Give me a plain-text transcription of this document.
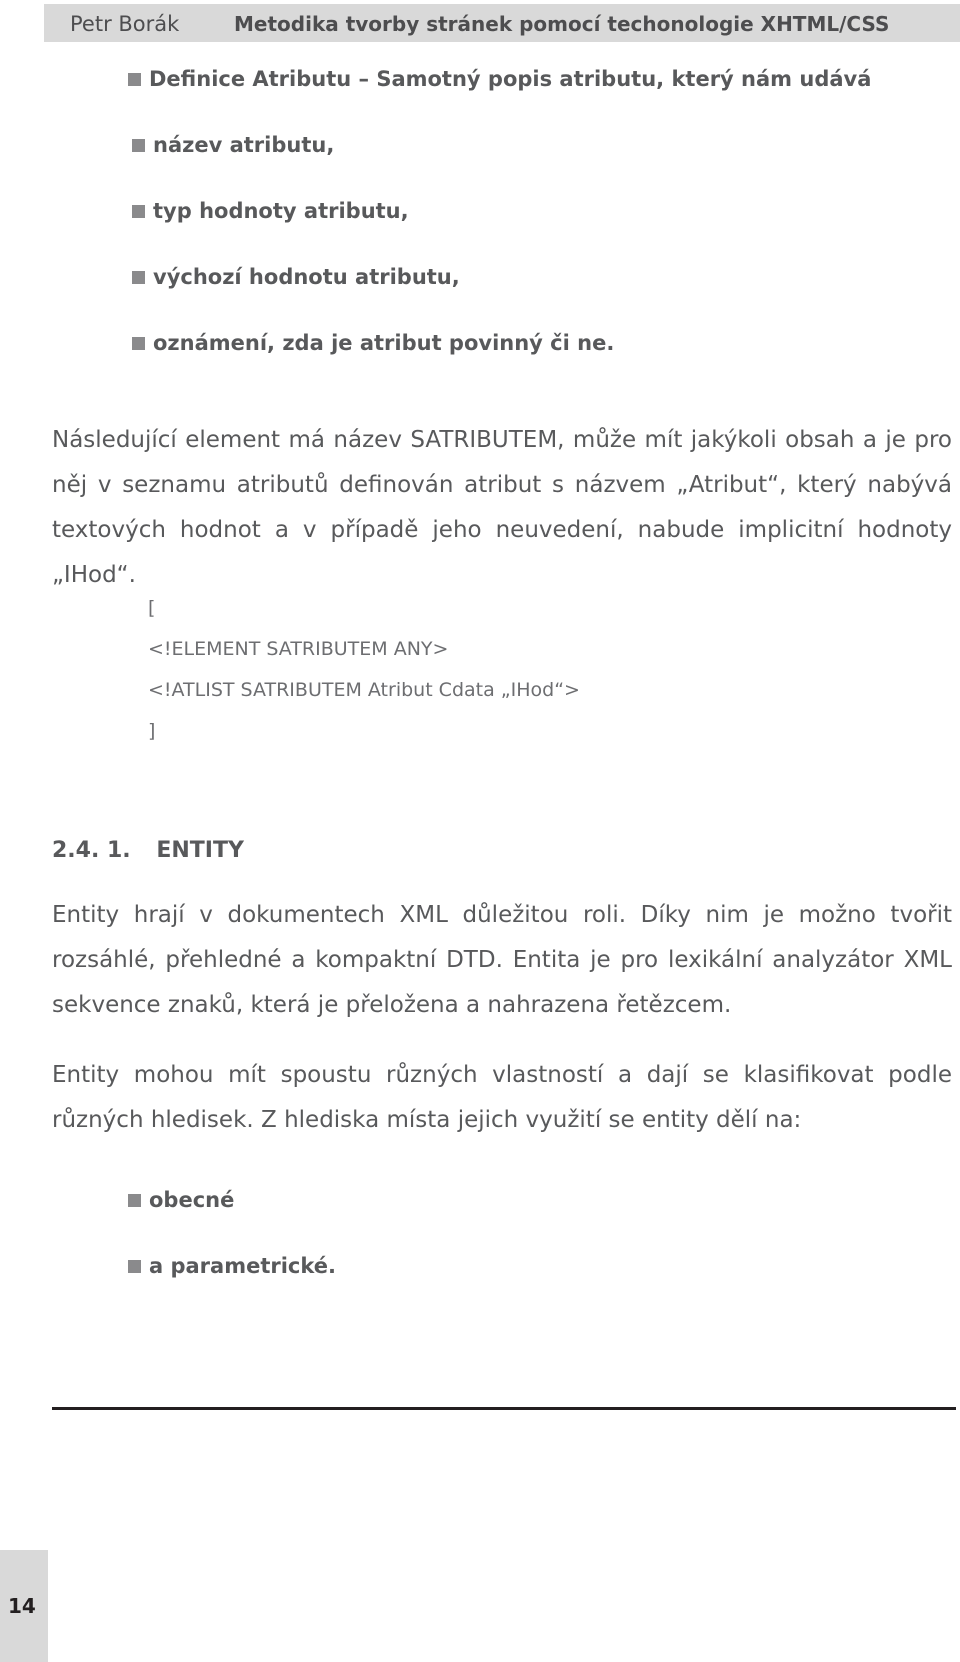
Petr Borák	Metodika tvorby stránek pomocí techonologie XHTML/CSS
Definice Atributu – Samotný popis atributu, který nám udává
název atributu,
typ hodnoty atributu,
výchozí hodnotu atributu,
oznámení, zda je atribut povinný či ne.

Následující element má název SATRIBUTEM, může mít jakýkoli obsah a je pro něj v seznamu atributů definován atribut s názvem „Atribut“, který nabývá textových hodnot a v případě jeho neuvedení, nabude implicitní hodnoty „IHod“.

[
<!ELEMENT SATRIBUTEM ANY>
<!ATLIST SATRIBUTEM Atribut Cdata „IHod“>
]
2.4. 1. ENTITY

Entity hrají v dokumentech XML důležitou roli. Díky nim je možno tvořit rozsáhlé, přehledné a kompaktní DTD. Entita je pro lexikální analyzátor XML sekvence znaků, která je přeložena a nahrazena řetězcem.

Entity mohou mít spoustu různých vlastností a dají se klasifikovat podle různých hledisek. Z hlediska místa jejich využití se entity dělí na:

obecné
a parametrické.
14
